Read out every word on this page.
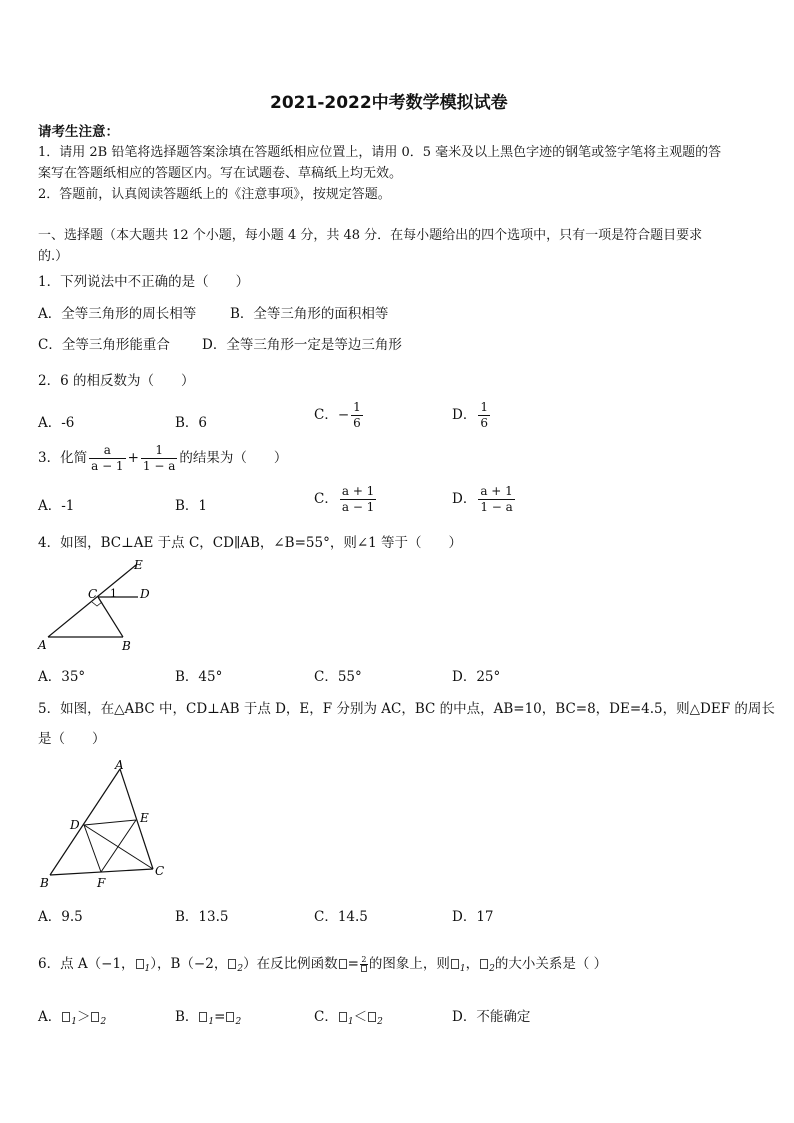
2021-2022中考数学模拟试卷
请考生注意：
1．请用 2B 铅笔将选择题答案涂填在答题纸相应位置上，请用 0．5 毫米及以上黑色字迹的钢笔或签字笔将主观题的答
案写在答题纸相应的答题区内。写在试题卷、草稿纸上均无效。
2．答题前，认真阅读答题纸上的《注意事项》，按规定答题。
一、选择题（本大题共 12 个小题，每小题 4 分，共 48 分．在每小题给出的四个选项中，只有一项是符合题目要求
的.）
1．下列说法中不正确的是（　　）
A．全等三角形的周长相等	B．全等三角形的面积相等
C．全等三角形能重合 D．全等三角形一定是等边三角形
2．6 的相反数为（　　）
A．-6	B．6	C．− $\frac{1}{6}$	D． $\frac{1}{6}$
3．化简 $\frac{a}{a - 1} + \frac{1}{1 - a}$ 的结果为（　　）
A．-1	B．1	C． $\frac{a + 1}{a - 1}$	D． $\frac{a + 1}{1 - a}$
4．如图，BC⊥AE 于点 C，CD∥AB，∠B=55°，则∠1 等于（　　）
E
C 1 D
A	B
A．35°	B．45°	C．55°	D．25°
5．如图，在△ABC 中，CD⊥AB 于点 D，E，F 分别为 AC，BC 的中点，AB=10，BC=8，DE=4.5，则△DEF 的周长
是（　　）
A
D	E
B	F
C
A．9.5	B．13.5	C．14.5	D．17
6．点 A（−1， $_1$），B（−2， $_2$）在反比例函数 = 2 的图象上，则 $_1$， $_2$的大小关系是（ ）
A． $_1$＞ $_2$	B． $_1$= $_2$	C． $_1$＜ $_2$	D．不能确定
